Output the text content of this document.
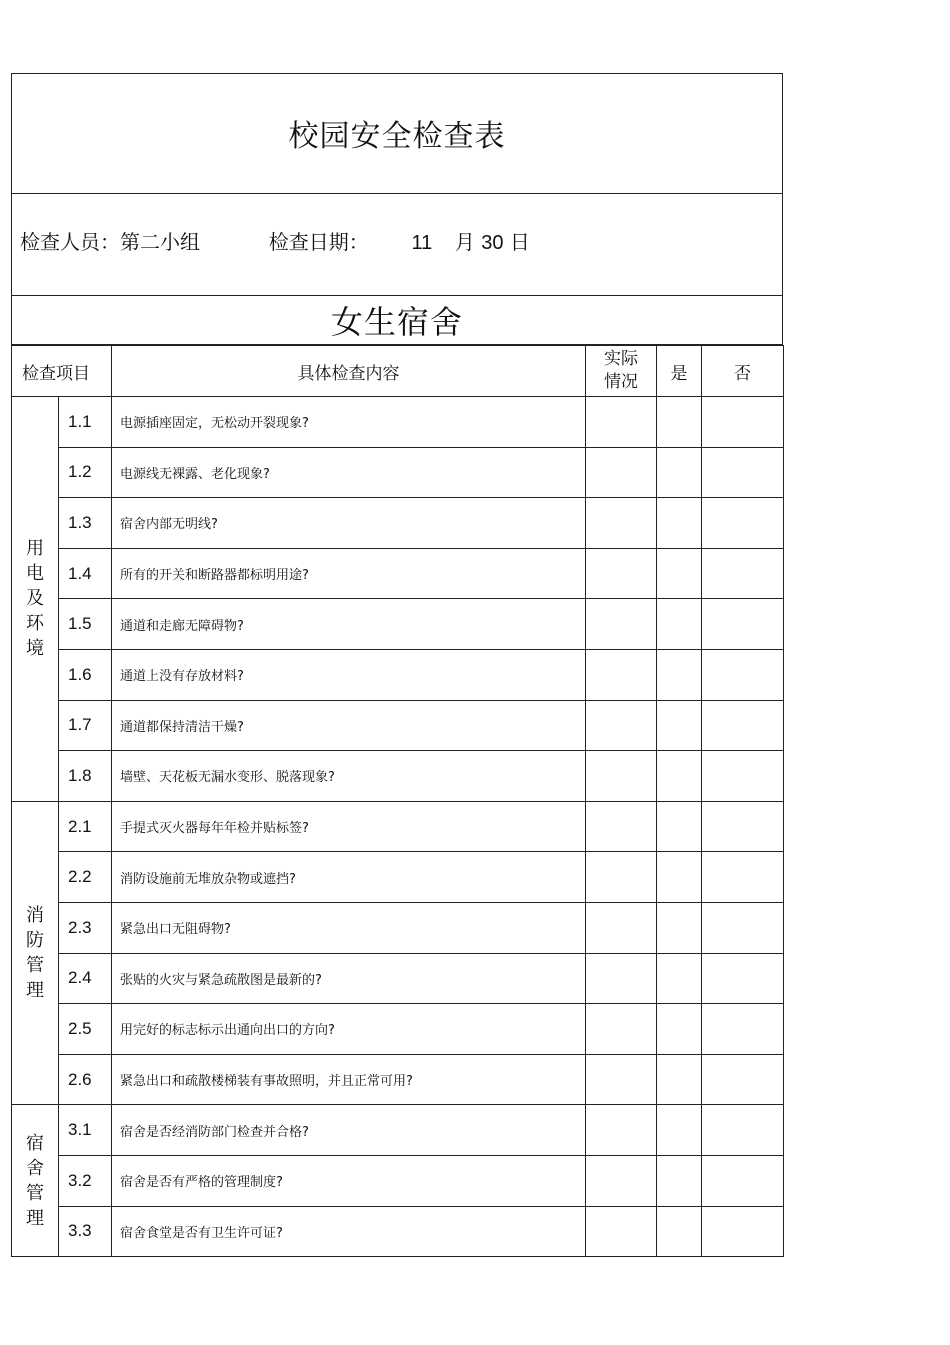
校园安全检查表
检查人员：第二小组	检查日期： 11 月 30 日
女生宿舍
检查项目		具体检查内容	实际
情况	是	否

用
电
及
环
境	1.1	电源插座固定，无松动开裂现象?			
	1.2	电源线无裸露、老化现象?			
	1.3	宿舍内部无明线?			
	1.4	所有的开关和断路器都标明用途?			
	1.5	通道和走廊无障碍物?			
	1.6	通道上没有存放材料?			
	1.7	通道都保持清洁干燥?			
	1.8	墙壁、天花板无漏水变形、脱落现象?			

消
防
管
理	2.1	手提式灭火器每年年检并贴标签?			
	2.2	消防设施前无堆放杂物或遮挡?			
	2.3	紧急出口无阻碍物?			
	2.4	张贴的火灾与紧急疏散图是最新的?			
	2.5	用完好的标志标示出通向出口的方向?			
	2.6	紧急出口和疏散楼梯装有事故照明，并且正常可用?			

宿
舍
管
理	3.1	宿舍是否经消防部门检查并合格?			
	3.2	宿舍是否有严格的管理制度?			
	3.3	宿舍食堂是否有卫生许可证?			
